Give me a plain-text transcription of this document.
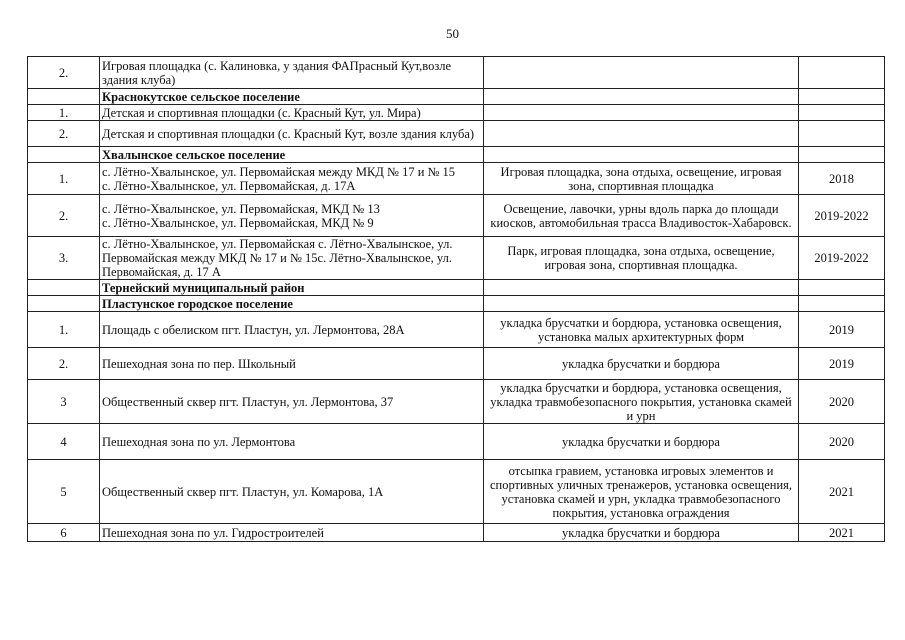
50
2.	Игровая площадка (с. Калиновка, у здания ФАПрасный Кут,возле здания клуба)		
	Краснокутское сельское поселение		
1.	Детская и спортивная площадки (с. Красный Кут, ул. Мира)		
2.	Детская и спортивная площадки (с. Красный Кут, возле здания клуба)		
	Хвалынское сельское поселение		
1.	с. Лётно-Хвалынское, ул. Первомайская между МКД № 17 и № 15
с. Лётно-Хвалынское, ул. Первомайская, д. 17А	Игровая площадка, зона отдыха, освещение, игровая зона, спортивная площадка	2018
2.	с. Лётно-Хвалынское, ул. Первомайская, МКД № 13
с. Лётно-Хвалынское, ул. Первомайская, МКД № 9	Освещение, лавочки, урны вдоль парка до площади киосков, автомобильная трасса Владивосток-Хабаровск.	2019-2022
3.	с. Лётно-Хвалынское, ул. Первомайская с. Лётно-Хвалынское, ул. Первомайская между МКД № 17 и № 15с. Лётно-Хвалынское, ул. Первомайская, д. 17 А	Парк, игровая площадка, зона отдыха, освещение, игровая зона, спортивная площадка.	2019-2022
	Тернейский муниципальный район		
	Пластунское городское поселение		
1.	Площадь с обелиском пгт. Пластун, ул. Лермонтова, 28А	укладка брусчатки и бордюра, установка освещения, установка малых архитектурных форм	2019
2.	Пешеходная зона по пер. Школьный	укладка брусчатки и бордюра	2019
3	Общественный сквер пгт. Пластун, ул. Лермонтова, 37	укладка брусчатки и бордюра, установка освещения, укладка травмобезопасного покрытия, установка скамей и урн	2020
4	Пешеходная зона по ул. Лермонтова	укладка брусчатки и бордюра	2020
5	Общественный сквер пгт. Пластун, ул. Комарова, 1А	отсыпка гравием, установка игровых элементов и спортивных уличных тренажеров, установка освещения, установка скамей и урн, укладка травмобезопасного покрытия, установка ограждения	2021
6	Пешеходная зона по ул. Гидростроителей	укладка брусчатки и бордюра	2021
